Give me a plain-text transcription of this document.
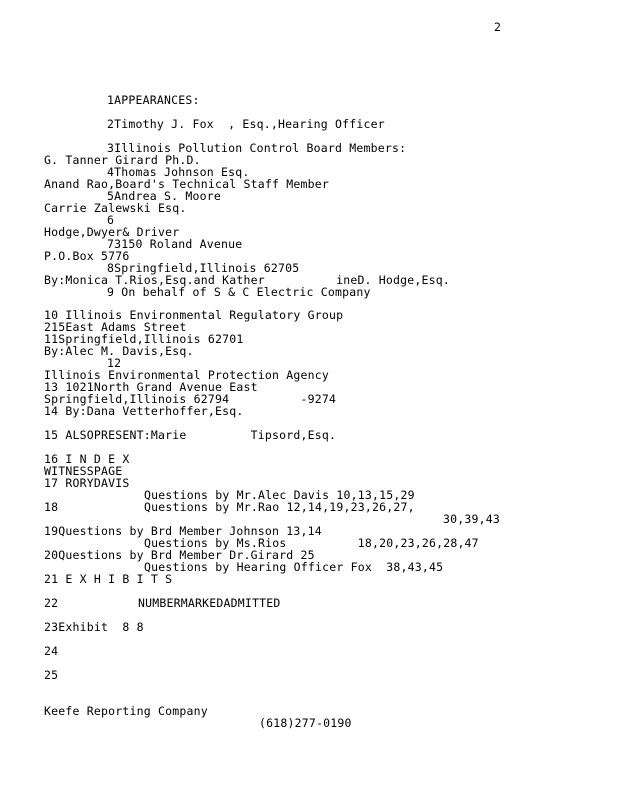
2
1APPEARANCES:
2Timothy J. Fox  , Esq.,Hearing Officer
3Illinois Pollution Control Board Members:
G. Tanner Girard Ph.D.
4Thomas Johnson Esq.
Anand Rao,Board's Technical Staff Member
5Andrea S. Moore
Carrie Zalewski Esq.
6
Hodge,Dwyer& Driver
73150 Roland Avenue
P.O.Box 5776
8Springfield,Illinois 62705
By:Monica T.Rios,Esq.and Kather          ineD. Hodge,Esq.
9 On behalf of S & C Electric Company
10 Illinois Environmental Regulatory Group
215East Adams Street
11Springfield,Illinois 62701
By:Alec M. Davis,Esq.
12
Illinois Environmental Protection Agency
13 1021North Grand Avenue East
Springfield,Illinois 62794          -9274
14 By:Dana Vetterhoffer,Esq.
15 ALSOPRESENT:Marie         Tipsord,Esq.
16 I N D E X
WITNESSPAGE
17 RORYDAVIS
Questions by Mr.Alec Davis 10,13,15,29
18	Questions by Mr.Rao 12,14,19,23,26,27,
30,39,43
19Questions by Brd Member Johnson 13,14
Questions by Ms.Rios          18,20,23,26,28,47
20Questions by Brd Member Dr.Girard 25
Questions by Hearing Officer Fox  38,43,45
21 E X H I B I T S
22	NUMBERMARKEDADMITTED
23Exhibit  8 8
24
25
Keefe Reporting Company
(618)277-0190
